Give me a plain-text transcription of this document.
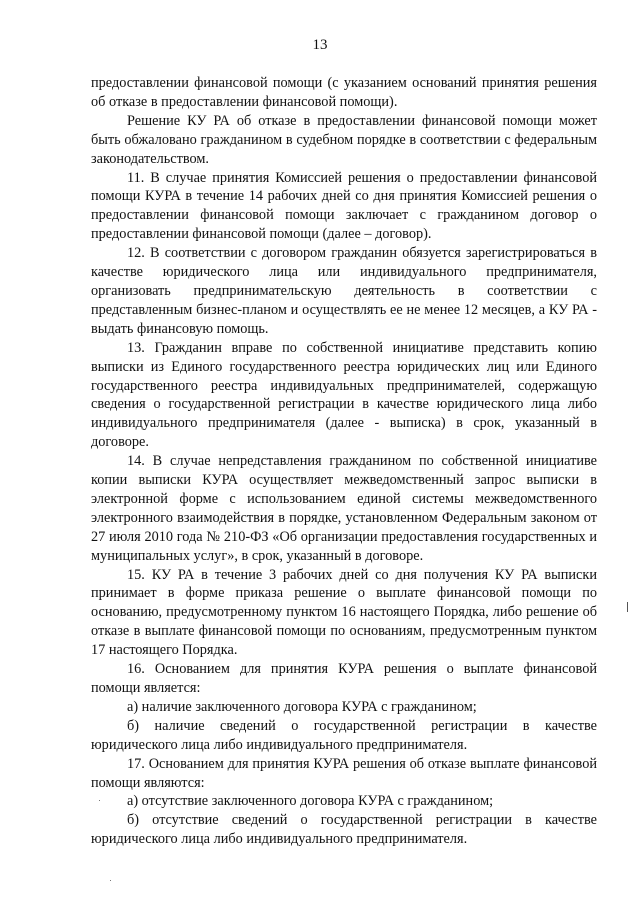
13

предоставлении финансовой помощи (с указанием оснований принятия решения об отказе в предоставлении финансовой помощи).

Решение КУ РА об отказе в предоставлении финансовой помощи может быть обжаловано гражданином в судебном порядке в соответствии с федеральным законодательством.

11. В случае принятия Комиссией решения о предоставлении финансовой помощи КУРА в течение 14 рабочих дней со дня принятия Комиссией решения о предоставлении финансовой помощи заключает с гражданином договор о предоставлении финансовой помощи (далее – договор).

12. В соответствии с договором гражданин обязуется зарегистрироваться в качестве юридического лица или индивидуального предпринимателя, организовать предпринимательскую деятельность в соответствии с представленным бизнес-планом и осуществлять ее не менее 12 месяцев, а КУ РА - выдать финансовую помощь.

13. Гражданин вправе по собственной инициативе представить копию выписки из Единого государственного реестра юридических лиц или Единого государственного реестра индивидуальных предпринимателей, содержащую сведения о государственной регистрации в качестве юридического лица либо индивидуального предпринимателя (далее - выписка) в срок, указанный в договоре.

14. В случае непредставления гражданином по собственной инициативе копии выписки КУРА осуществляет межведомственный запрос выписки в электронной форме с использованием единой системы межведомственного электронного взаимодействия в порядке, установленном Федеральным законом от 27 июля 2010 года № 210-ФЗ «Об организации предоставления государственных и муниципальных услуг», в срок, указанный в договоре.

15. КУ РА в течение 3 рабочих дней со дня получения КУ РА выписки принимает в форме приказа решение о выплате финансовой помощи по основанию, предусмотренному пунктом 16 настоящего Порядка, либо решение об отказе в выплате финансовой помощи по основаниям, предусмотренным пунктом 17 настоящего Порядка.

16. Основанием для принятия КУРА решения о выплате финансовой помощи является:

а) наличие заключенного договора КУРА с гражданином;

б) наличие сведений о государственной регистрации в качестве юридического лица либо индивидуального предпринимателя.

17. Основанием для принятия КУРА решения об отказе выплате финансовой помощи являются:

а) отсутствие заключенного договора КУРА с гражданином;

б) отсутствие сведений о государственной регистрации в качестве юридического лица либо индивидуального предпринимателя.
